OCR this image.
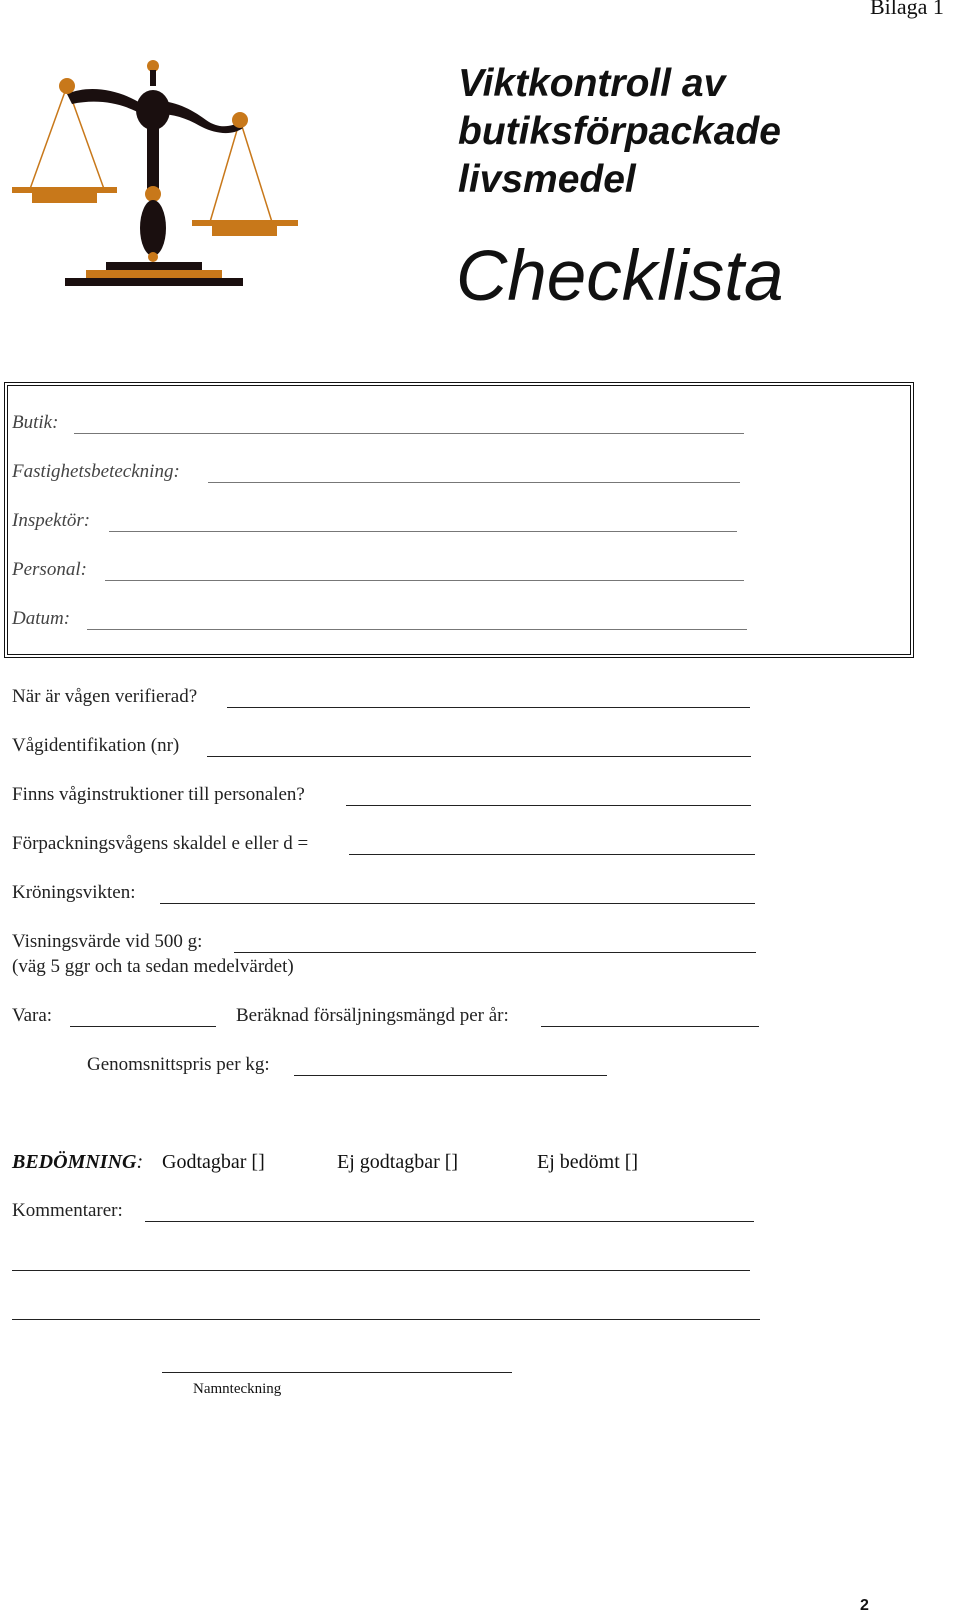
Bilaga 1
Viktkontroll av
butiksförpackade
livsmedel
Checklista
Butik:
Fastighetsbeteckning:
Inspektör:
Personal:
Datum:
När är vågen verifierad?
Vågidentifikation (nr)
Finns våginstruktioner till personalen?
Förpackningsvågens skaldel e eller d =
Kröningsvikten:
Visningsvärde vid 500 g:
(väg 5 ggr och ta sedan medelvärdet)
Vara:	Beräknad försäljningsmängd per år:
Genomsnittspris per kg:
BEDÖMNING: Godtagbar []	Ej godtagbar []	Ej bedömt []
Kommentarer:
Namnteckning
2
